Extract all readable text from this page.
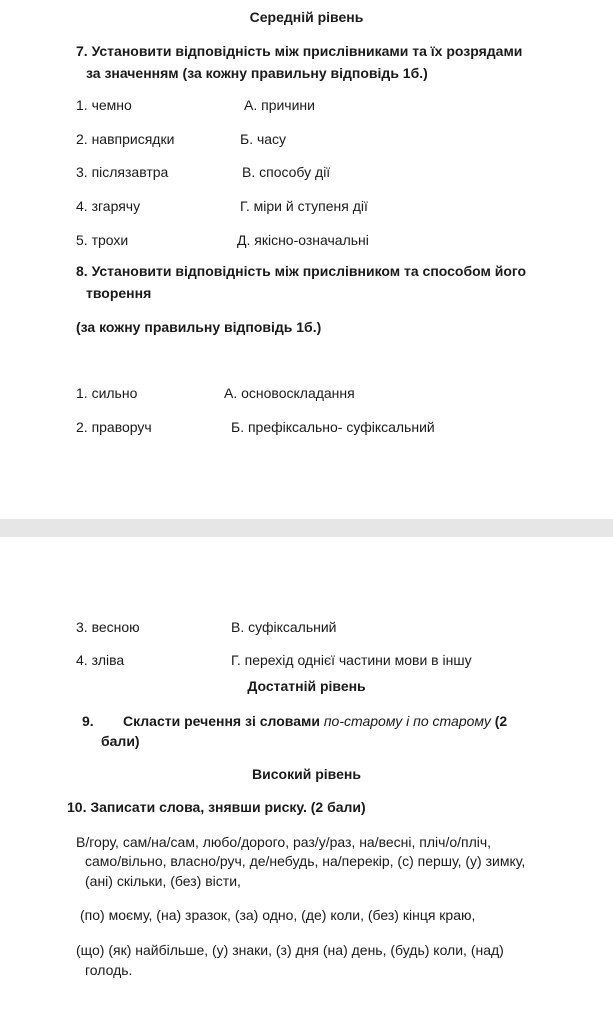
Середній рівень
7. Установити відповідність між прислівниками та їх розрядами
за значенням (за кожну правильну відповідь 1б.)
1. чемно
2. навприсядки
3. післязавтра
4. згарячу
5. трохи
А. причини
Б. часу
В. способу дії
Г. міри й ступеня дії
Д. якісно-означальні
8. Установити відповідність між прислівником та способом його
творення
(за кожну правильну відповідь 1б.)
1. сильно
2. праворуч
А. основоскладання
Б. префіксально- суфіксальний
3. весною
4. зліва
В. суфіксальний
Г. перехід однієї частини мови в іншу
Достатній рівень
9. Скласти речення зі словами по-старому і по старому (2
бали)
Високий рівень
10. Записати слова, знявши риску. (2 бали)
В/гору, сам/на/сам, любо/дорого, раз/у/раз, на/весні, пліч/о/пліч,
само/вільно, власно/руч, де/небудь, на/перекір, (с) першу, (у) зимку,
(ані) скільки, (без) вісти,
(по) моєму, (на) зразок, (за) одно, (де) коли, (без) кінця краю,
(що) (як) найбільше, (у) знаки, (з) дня (на) день, (будь) коли, (над)
голодь.
